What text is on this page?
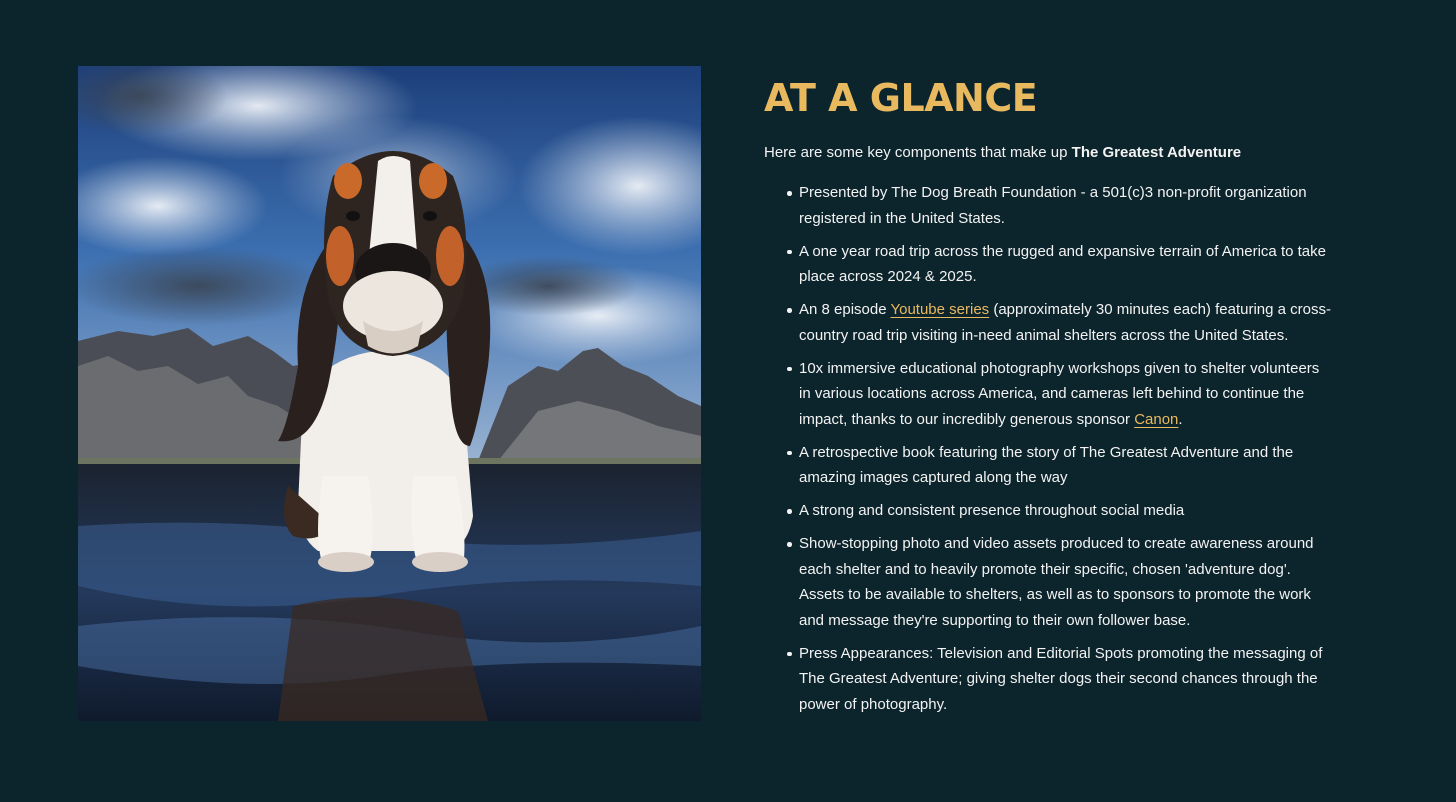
AT A GLANCE

Here are some key components that make up The Greatest Adventure

Presented by The Dog Breath Foundation - a 501(c)3 non-profit organization registered in the United States.
A one year road trip across the rugged and expansive terrain of America to take place across 2024 & 2025.
An 8 episode Youtube series (approximately 30 minutes each) featuring a cross-country road trip visiting in-need animal shelters across the United States.
10x immersive educational photography workshops given to shelter volunteers in various locations across America, and cameras left behind to continue the impact, thanks to our incredibly generous sponsor Canon.
A retrospective book featuring the story of The Greatest Adventure and the amazing images captured along the way
A strong and consistent presence throughout social media
Show-stopping photo and video assets produced to create awareness around each shelter and to heavily promote their specific, chosen 'adventure dog'. Assets to be available to shelters, as well as to sponsors to promote the work and message they're supporting to their own follower base.
Press Appearances: Television and Editorial Spots promoting the messaging of The Greatest Adventure; giving shelter dogs their second chances through the power of photography.
